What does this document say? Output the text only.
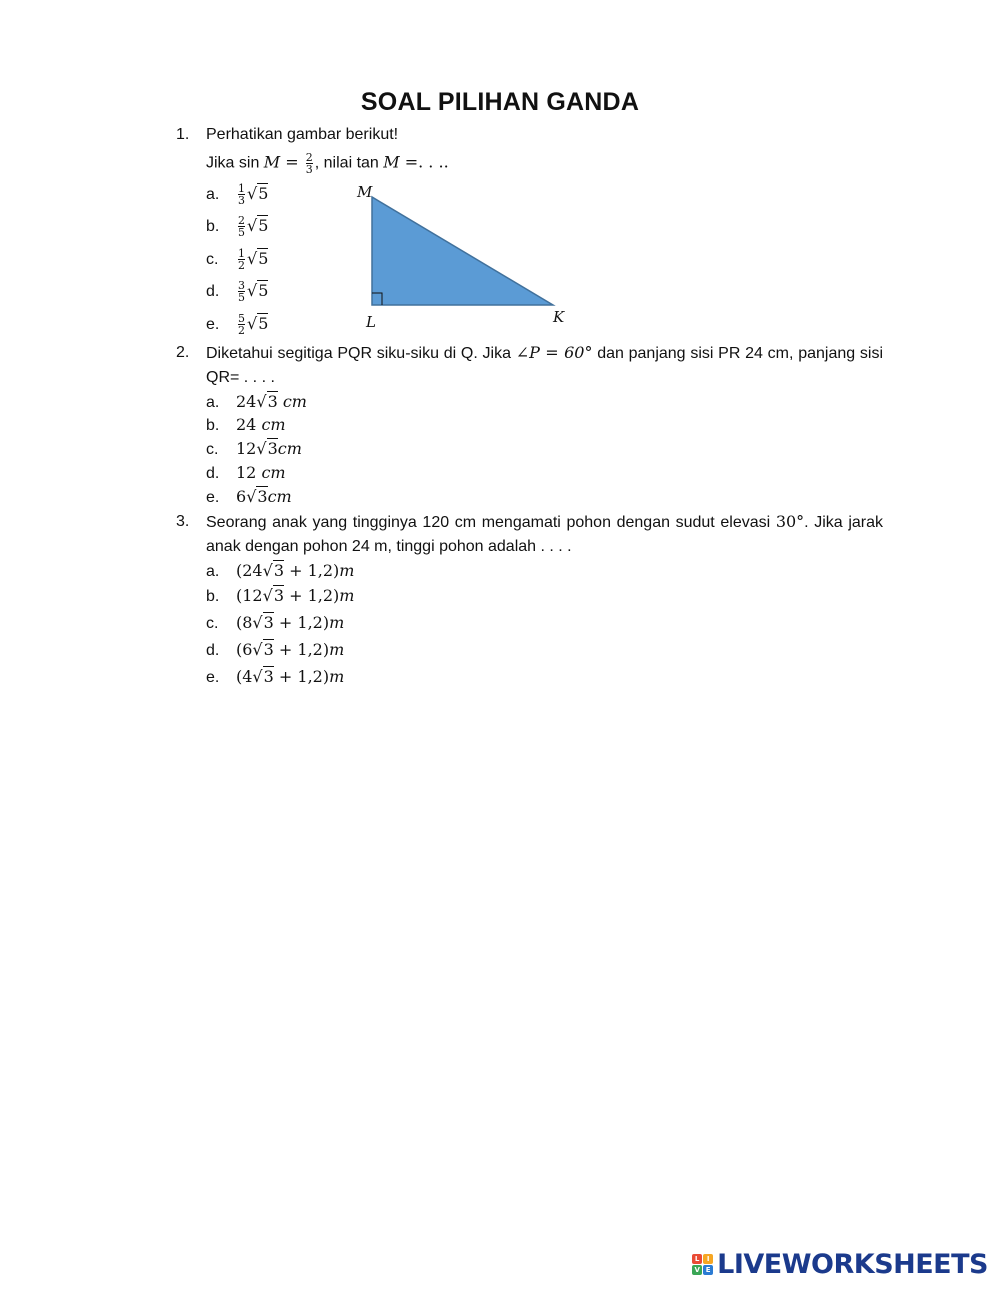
SOAL PILIHAN GANDA
1. Perhatikan gambar berikut!
Jika $\sin M = \frac{2}{3}$ , nilai tan M =. . ..
a. $\frac{1}{3} √5$
b. $\frac{2}{5} √5$
c. $\frac{1}{2} √5$
d. $\frac{3}{5} √5$
e. $\frac{5}{2} √5$
M
L	K
2. Diketahui segitiga PQR siku-siku di Q. Jika ∠P = 60° dan panjang sisi PR 24 cm, panjang sisi QR= . . . .
a. 24√3 cm
b. 24 cm
c. 12√3cm
d. 12 cm
e. 6√3cm
3. Seorang anak yang tingginya 120 cm mengamati pohon dengan sudut elevasi 30°. Jika jarak anak dengan pohon 24 m, tinggi pohon adalah . . . .
a. (24√3 + 1,2)m
b. (12√3 + 1,2)m
c. (8√3 + 1,2)m
d. (6√3 + 1,2)m
e. (4√3 + 1,2)m
L	I
V E LIVEWORKSHEETS
